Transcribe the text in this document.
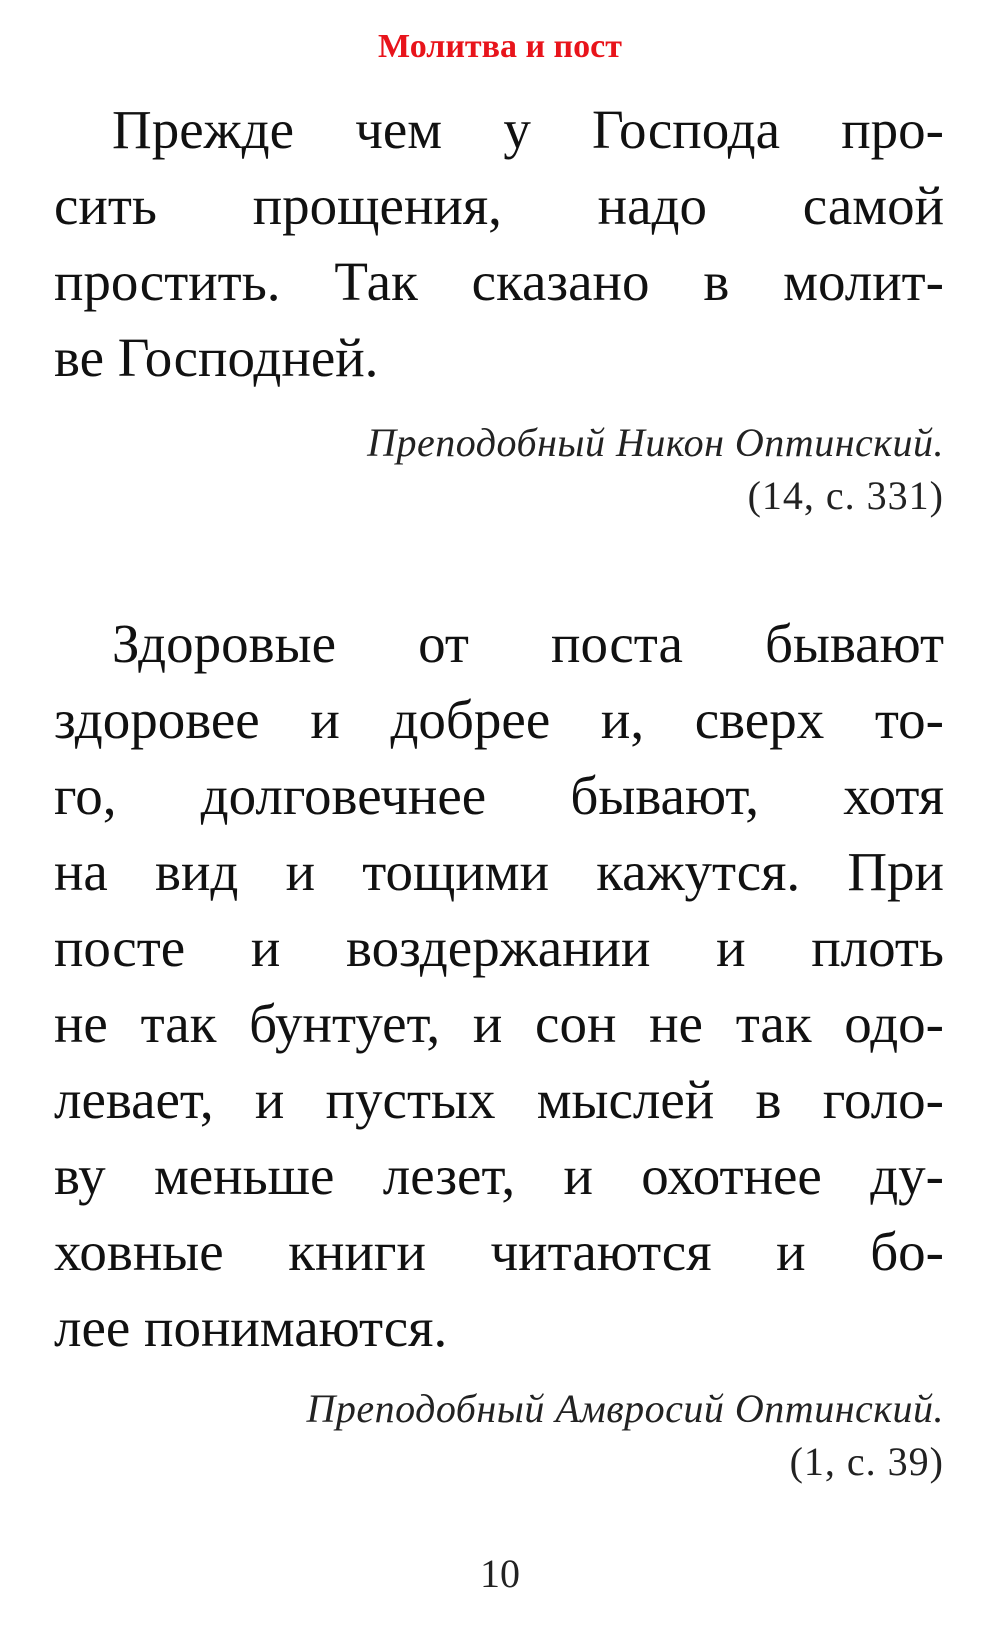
Молитва и пост
Прежде чем у Господа про-
сить прощения, надо самой
простить. Так сказано в молит-
ве Господней.
Преподобный Никон Оптинский.
(14, с. 331)
Здоровые от поста бывают
здоровее и добрее и, сверх то-
го, долговечнее бывают, хотя
на вид и тощими кажутся. При
посте и воздержании и плоть
не так бунтует, и сон не так одо-
левает, и пустых мыслей в голо-
ву меньше лезет, и охотнее ду-
ховные книги читаются и бо-
лее понимаются.
Преподобный Амвросий Оптинский.
(1, с. 39)
10
